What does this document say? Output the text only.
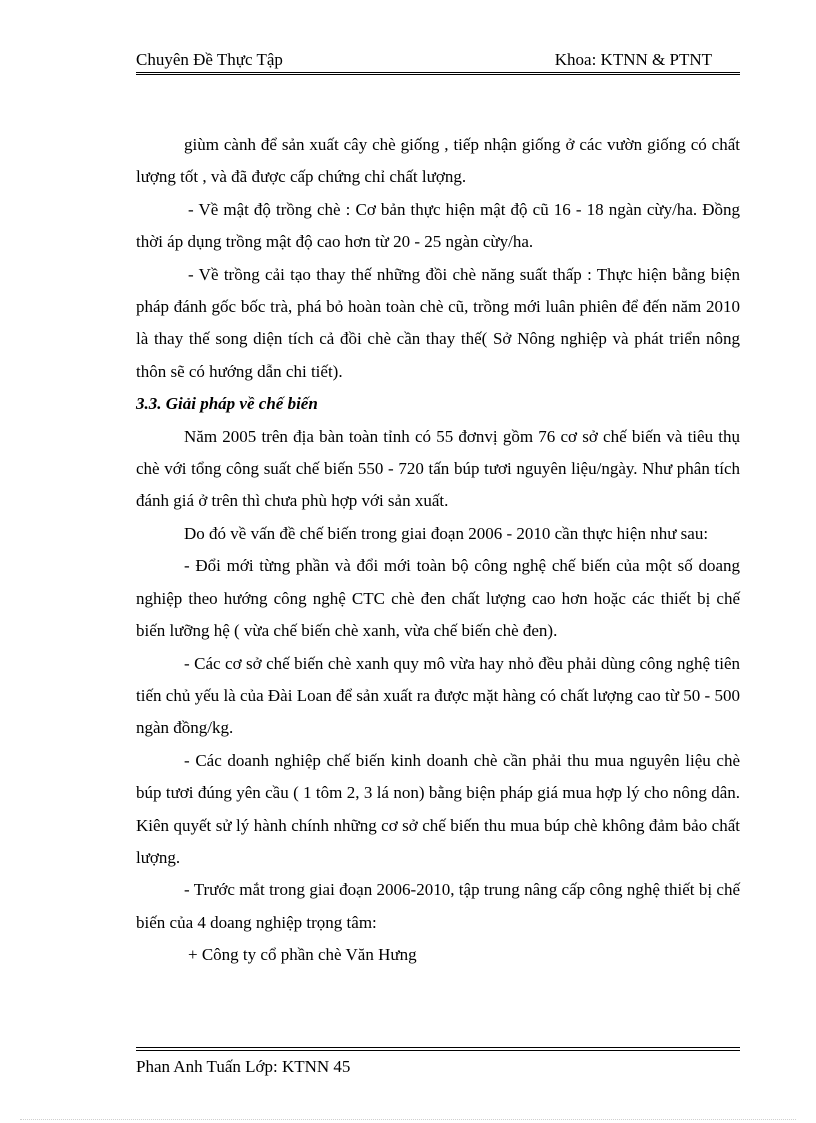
Chuyên Đề Thực Tập	Khoa: KTNN & PTNT

giùm cành để sản xuất cây chè giống , tiếp nhận giống ở các vườn giống có chất lượng tốt , và đã được cấp chứng chỉ chất lượng.

- Về mật độ trồng chè : Cơ bản thực hiện mật độ cũ 16 - 18 ngàn cừy/ha. Đồng thời áp dụng trồng mật độ cao hơn từ 20 - 25 ngàn cừy/ha.

- Về trồng cải tạo thay thế những đồi chè năng suất thấp : Thực hiện bằng biện pháp đánh gốc bốc trà, phá bỏ hoàn toàn chè cũ, trồng mới luân phiên để đến năm 2010 là thay thế song diện tích cả đồi chè cần thay thế( Sở Nông nghiệp và phát triển nông thôn sẽ có hướng dẫn chi tiết).

3.3. Giải pháp về chế biến

Năm 2005 trên địa bàn toàn tỉnh có 55 đơnvị gồm 76 cơ sở chế biến và tiêu thụ chè với tổng công suất chế biến 550 - 720 tấn búp tươi nguyên liệu/ngày. Như phân tích đánh giá ở trên thì chưa phù hợp với sản xuất.

Do đó về vấn đề chế biến trong giai đoạn 2006 - 2010 cần thực hiện như sau:

- Đổi mới từng phần và đổi mới toàn bộ công nghệ chế biến của một số doang nghiệp theo hướng công nghệ CTC chè đen chất lượng cao hơn hoặc các thiết bị chế biến lưỡng hệ ( vừa chế biến chè xanh, vừa chế biến chè đen).

- Các cơ sở chế biến chè xanh quy mô vừa hay nhỏ đều phải dùng công nghệ tiên tiến chủ yếu là của Đài Loan để sản xuất ra được mặt hàng có chất lượng cao từ 50 - 500 ngàn đồng/kg.

- Các doanh nghiệp chế biến kinh doanh chè cần phải thu mua nguyên liệu chè búp tươi đúng yên cầu ( 1 tôm 2, 3 lá non) bằng biện pháp giá mua hợp lý cho nông dân. Kiên quyết sử lý hành chính những cơ sở chế biến thu mua búp chè không đảm bảo chất lượng.

- Trước mắt trong giai đoạn 2006-2010, tập trung nâng cấp công nghệ thiết bị chế biến của 4 doang nghiệp trọng tâm:

+ Công ty cổ phần chè Văn Hưng

Phan Anh Tuấn Lớp: KTNN 45
